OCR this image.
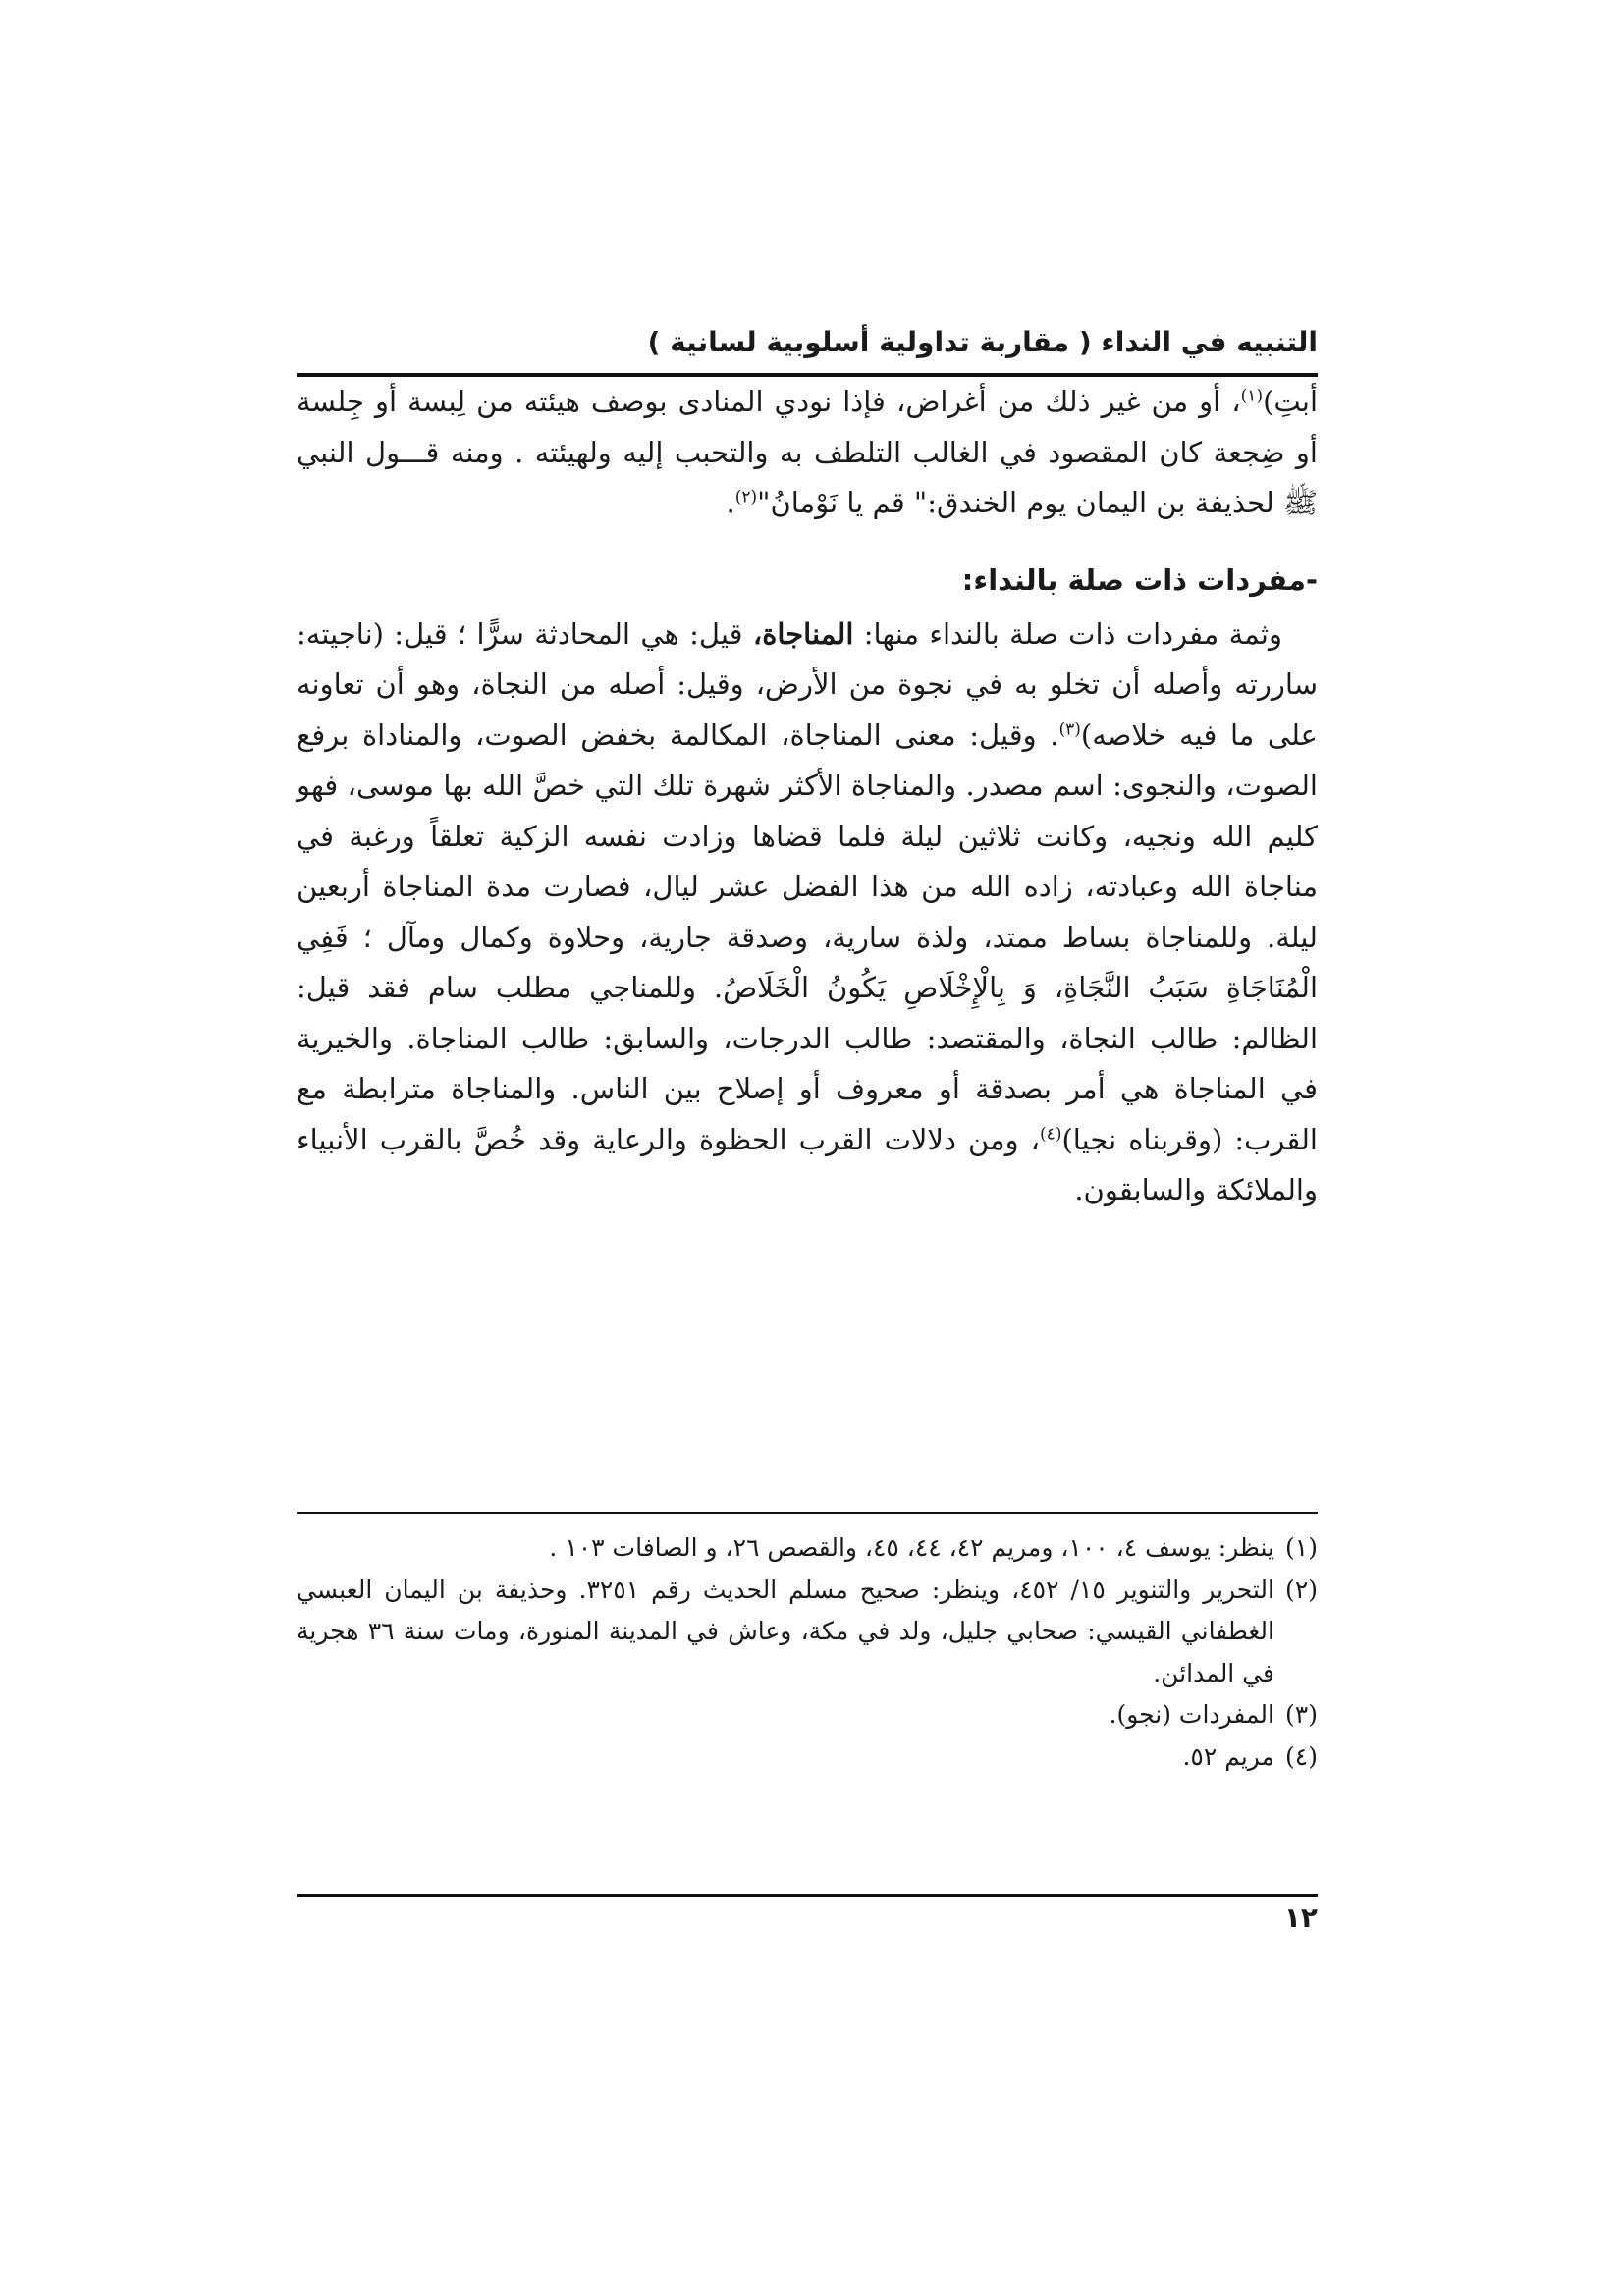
التنبيه في النداء ( مقاربة تداولية أسلوبية لسانية )

أبتِ)$^{(١)}$، أو من غير ذلك من أغراض، فإذا نودي المنادى بوصف هيئته من لِبسة أو جِلسة أو ضِجعة كان المقصود في الغالب التلطف به والتحبب إليه ولهيئته . ومنه قـــول النبي ﷺ لحذيفة بن اليمان يوم الخندق:" قم يا نَوْمانُ"$^{(٢)}$.

-مفردات ذات صلة بالنداء:

وثمة مفردات ذات صلة بالنداء منها: المناجاة، قيل: هي المحادثة سرًّا ؛ قيل: (ناجيته: ساررته وأصله أن تخلو به في نجوة من الأرض، وقيل: أصله من النجاة، وهو أن تعاونه على ما فيه خلاصه)$^{(٣)}$. وقيل: معنى المناجاة، المكالمة بخفض الصوت، والمناداة برفع الصوت، والنجوى: اسم مصدر. والمناجاة الأكثر شهرة تلك التي خصَّ الله بها موسى، فهو كليم الله ونجيه، وكانت ثلاثين ليلة فلما قضاها وزادت نفسه الزكية تعلقاً ورغبة في مناجاة الله وعبادته، زاده الله من هذا الفضل عشر ليال، فصارت مدة المناجاة أربعين ليلة. وللمناجاة بساط ممتد، ولذة سارية، وصدقة جارية، وحلاوة وكمال ومآل ؛ فَفِي الْمُنَاجَاةِ سَبَبُ النَّجَاةِ، وَ بِالْإِخْلَاصِ يَكُونُ الْخَلَاصُ. وللمناجي مطلب سام فقد قيل: الظالم: طالب النجاة، والمقتصد: طالب الدرجات، والسابق: طالب المناجاة. والخيرية في المناجاة هي أمر بصدقة أو معروف أو إصلاح بين الناس. والمناجاة مترابطة مع القرب: (وقربناه نجيا)$^{(٤)}$، ومن دلالات القرب الحظوة والرعاية وقد خُصَّ بالقرب الأنبياء والملائكة والسابقون.

(١)ينظر: يوسف ٤، ١٠٠، ومريم ٤٢، ٤٤، ٤٥، والقصص ٢٦، و الصافات ١٠٣ .

(٢)التحرير والتنوير ١٥/ ٤٥٢، وينظر: صحيح مسلم الحديث رقم ٣٢٥١. وحذيفة بن اليمان العبسي الغطفاني القيسي: صحابي جليل، ولد في مكة، وعاش في المدينة المنورة، ومات سنة ٣٦ هجرية في المدائن.

(٣)المفردات (نجو).

(٤)مريم ٥٢.

١٢
